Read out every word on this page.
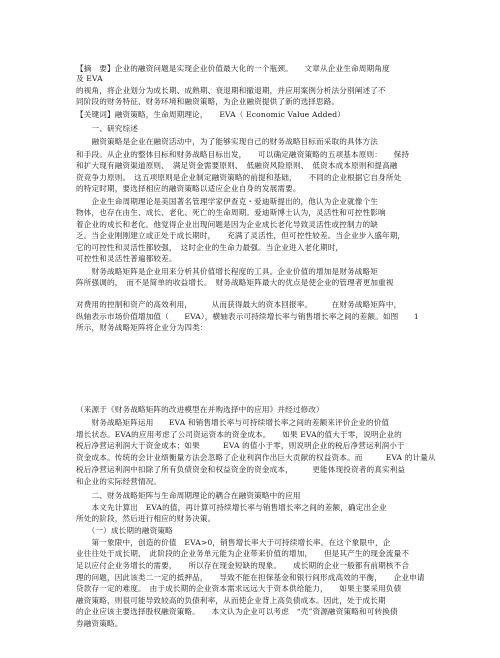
【摘　要】企业的融资问题是实现企业价值最大化的一个瓶颈。　　文章从企业生命周期角度
及 EVA
的视角，将企业划分为成长期、成熟期、衰退期和撤退期，并应用案例分析法分别阐述了不
同阶段的财务特征、财务环境和融资策略，为企业融资提供了新的选择思路。
【关键词】融资策略，生命周期理论，　　EVA（ Economic Value Added）
　　一、研究综述
　　融资策略是企业在融资活动中，为了能够实现自己的财务战略目标而采取的具体方法
和手段。从企业的整体目标和财务战略目标出发，　　可以确定融资策略的五项基本原则：　　保持
和扩大现有融资渠道原则、　满足资金需要原则、　低融资风险原则、　低资本成本原则和提高融
资竞争力原则。　这五项原则是企业制定融资策略的前提和基础，　　不同的企业根据它自身所处
的特定时期，要选择相应的融资策略以适应企业自身的发展需要。
　　企业生命周期理论是美国著名管理学家伊查克・爱迪斯提出的，他认为企业就像个生
物体，也存在由生、成长、老化、死亡的生命周期。爱迪斯博士认为，灵活性和可控性影响
着企业的成长和老化。他觉得企业出现问题是因为企业成长老化导致灵活性或控制力的缺
乏。当企业刚刚建立或正处于成长期时，　　充满了灵活性，但可控性较差。当企业步入盛年期，
它的可控性和灵活性都较强，　这时企业的生命力最强。当企业进入老化期时，
可控性和灵活性普遍都较差。
　　财务战略矩阵是企业用来分析其价值增长程度的工具。企业价值的增加是财务战略矩
阵所强调的，　而不是简单的收益增长。　财务战略矩阵最大的优点是使企业的管理者更加重视
对费用的控制和资产的高效利用，　　　从而获得最大的资本回报率。　　　在财务战略矩阵中，
纵轴表示市场价值增加值（　　EVA），横轴表示可持续增长率与销售增长率之间的差额。如图　　1
所示，财务战略矩阵将企业分为四类：
（来源于《财务战略矩阵的改进模型在并购选择中的应用》并经过修改）
　　财务战略矩阵运用　　EVA 和销售增长率与可持续增长率之间的差额来评价企业的价值
增长状态。EVA的应用考虑了公司资运资本的资金成本。　　如果 EVA的值大于零，说明企业的
税后净营运利润大于资金成本；如果　　　EVA 的值小于零，则说明企业的税后净营运利润小于
资金成本。传统的会计业绩衡量方法会忽略了企业利润作出巨大贡献的权益资本。而　　　EVA 的计量从
税后净营运利润中扣除了所有负债资金和权益资金的资金成本，　　　更能体现投资者的真实利益
和企业的实际经营情况。
　　二、财务战略矩阵与生命周期理论的耦合在融资策略中的应用
　　本文先计算出　EVA的值，再计算可持续增长率与销售增长率之间的差额，确定出企业
所处的阶段，然后进行相应的财务决策。
　　（一）成长期的融资策略
　　第一象限中，创造的价值　EVA>0，销售增长率大于可持续增长率。在这个象限中，企
业往往处于成长期，　此阶段的企业务单元能为企业带来价值的增加，　　但是其产生的现金流量不
足以应付企业务增长的需要，　　所以存在现金短缺的现象。　　成长期的企业一般都有前期核不合
理的问题，因此该类二一定的抵押品，　　导致不能在担保基金和银行间形成高效的平衡，　　企业申请
贷款存一定的难度。　由于成长期的企业资本需求远远大于资本供给能力，　　如果主要采用负债
融资策略，则很可能导致较高的负债利率，从而使企业背上高负债成本。因此，处于成长期
的企业应该主要选择股权融资策略。　　本文认为企业可以考虑　“壳”资源融资策略和可转换债
券融资策略。
